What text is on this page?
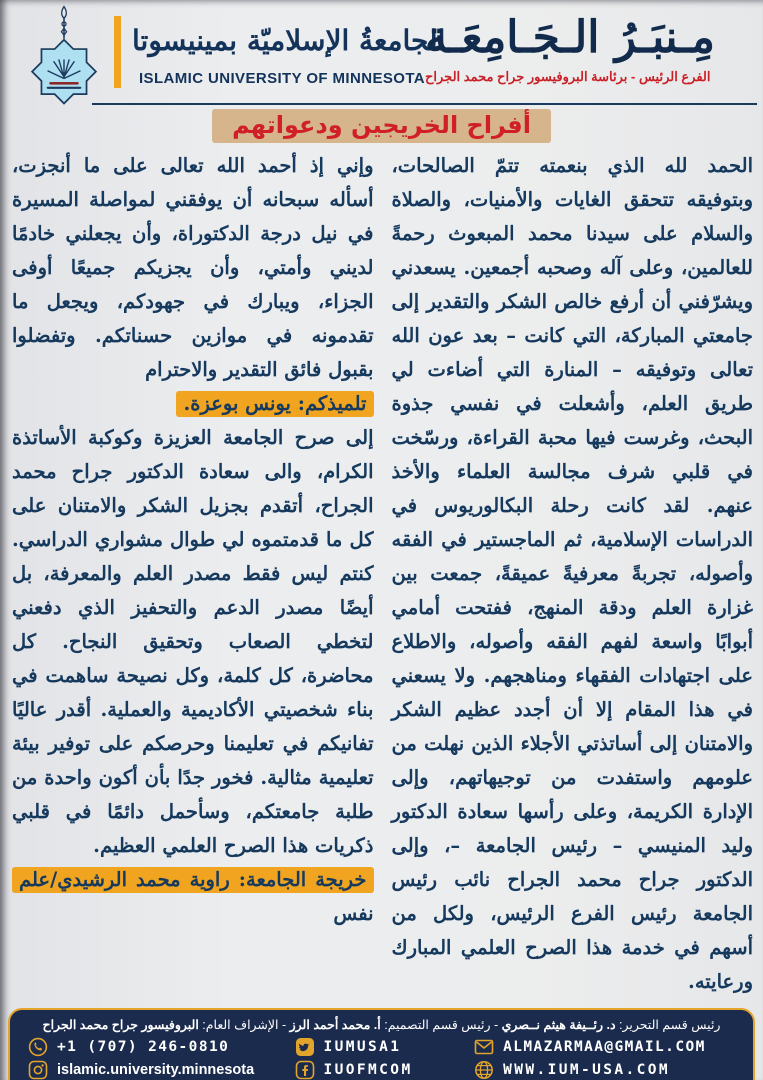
الجامعةُ الإسلاميّة بمينيسوتا
ISLAMIC UNIVERSITY OF MINNESOTA
مِـنبَـرُ الـجَـامِعَـة
الفرع الرئيس - برئاسة البروفيسور جراح محمد الجراح
أفراح الخريجين ودعواتهم

الحمد لله الذي بنعمته تتمّ الصالحات، وبتوفيقه تتحقق الغايات والأمنيات، والصلاة والسلام على سيدنا محمد المبعوث رحمةً للعالمين، وعلى آله وصحبه أجمعين. يسعدني ويشرّفني أن أرفع خالص الشكر والتقدير إلى جامعتي المباركة، التي كانت – بعد عون الله تعالى وتوفيقه – المنارة التي أضاءت لي طريق العلم، وأشعلت في نفسي جذوة البحث، وغرست فيها محبة القراءة، ورسّخت في قلبي شرف مجالسة العلماء والأخذ عنهم. لقد كانت رحلة البكالوريوس في الدراسات الإسلامية، ثم الماجستير في الفقه وأصوله، تجربةً معرفيةً عميقةً، جمعت بين غزارة العلم ودقة المنهج، ففتحت أمامي أبوابًا واسعة لفهم الفقه وأصوله، والاطلاع على اجتهادات الفقهاء ومناهجهم. ولا يسعني في هذا المقام إلا أن أجدد عظيم الشكر والامتنان إلى أساتذتي الأجلاء الذين نهلت من علومهم واستفدت من توجيهاتهم، وإلى الإدارة الكريمة، وعلى رأسها سعادة الدكتور وليد المنيسي – رئيس الجامعة –، وإلى الدكتور جراح محمد الجراح نائب رئيس الجامعة رئيس الفرع الرئيس، ولكل من أسهم في خدمة هذا الصرح العلمي المبارك ورعايته.

وإني إذ أحمد الله تعالى على ما أنجزت، أسأله سبحانه أن يوفقني لمواصلة المسيرة في نيل درجة الدكتوراة، وأن يجعلني خادمًا لديني وأمتي، وأن يجزيكم جميعًا أوفى الجزاء، ويبارك في جهودكم، ويجعل ما تقدمونه في موازين حسناتكم. وتفضلوا بقبول فائق التقدير والاحترام

تلميذكم: يونس بوعزة.

إلى صرح الجامعة العزيزة وكوكبة الأساتذة الكرام، والى سعادة الدكتور جراح محمد الجراح، أتقدم بجزيل الشكر والامتنان على كل ما قدمتموه لي طوال مشواري الدراسي. كنتم ليس فقط مصدر العلم والمعرفة، بل أيضًا مصدر الدعم والتحفيز الذي دفعني لتخطي الصعاب وتحقيق النجاح. كل محاضرة، كل كلمة، وكل نصيحة ساهمت في بناء شخصيتي الأكاديمية والعملية. أقدر عاليًا تفانيكم في تعليمنا وحرصكم على توفير بيئة تعليمية مثالية. فخور جدًا بأن أكون واحدة من طلبة جامعتكم، وسأحمل دائمًا في قلبي ذكريات هذا الصرح العلمي العظيم.

خريجة الجامعة: راوية محمد الرشيدي/علم نفس

رئيس قسم التحرير: د. رئــيفة هيثم نــصري - رئيس قسم التصميم: أ. محمد أحمد الرز - الإشراف العام: البروفيسور جراح محمد الجراح
+1 (707) 246-0810	IUMUSA1	ALMAZARMAA@GMAIL.COM
islamic.university.minnesota	IUOFMCOM	WWW.IUM-USA.COM
